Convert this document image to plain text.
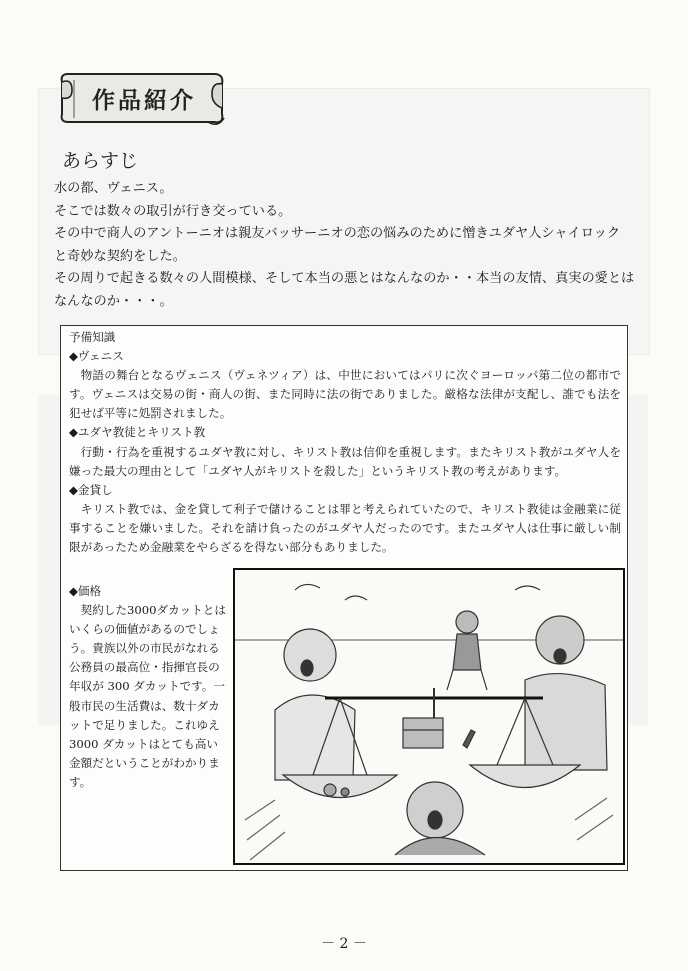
作品紹介
あらすじ

水の都、ヴェニス。

そこでは数々の取引が行き交っている。

その中で商人のアントーニオは親友バッサーニオの恋の悩みのために憎きユダヤ人シャイロック

と奇妙な契約をした。

その周りで起きる数々の人間模様、そして本当の悪とはなんなのか・・本当の友情、真実の愛とは

なんなのか・・・。

予備知識

◆ヴェニス

物語の舞台となるヴェニス（ヴェネツィア）は、中世においてはパリに次ぐヨーロッパ第二位の都市です。ヴェニスは交易の街・商人の街、また同時に法の街でありました。厳格な法律が支配し、誰でも法を犯せば平等に処罰されました。

◆ユダヤ教徒とキリスト教

行動・行為を重視するユダヤ教に対し、キリスト教は信仰を重視します。またキリスト教がユダヤ人を嫌った最大の理由として「ユダヤ人がキリストを殺した」というキリスト教の考えがあります。

◆金貸し

キリスト教では、金を貸して利子で儲けることは罪と考えられていたので、キリスト教徒は金融業に従事することを嫌いました。それを請け負ったのがユダヤ人だったのです。またユダヤ人は仕事に厳しい制限があったため金融業をやらざるを得ない部分もありました。

◆価格

　契約した3000ダカットとは

いくらの価値があるのでしょ

う。貴族以外の市民がなれる

公務員の最高位・指揮官長の

年収が 300 ダカットです。一

般市民の生活費は、数十ダカ

ットで足りました。これゆえ

3000 ダカットはとても高い

金額だということがわかりま

す。

－ 2 －
